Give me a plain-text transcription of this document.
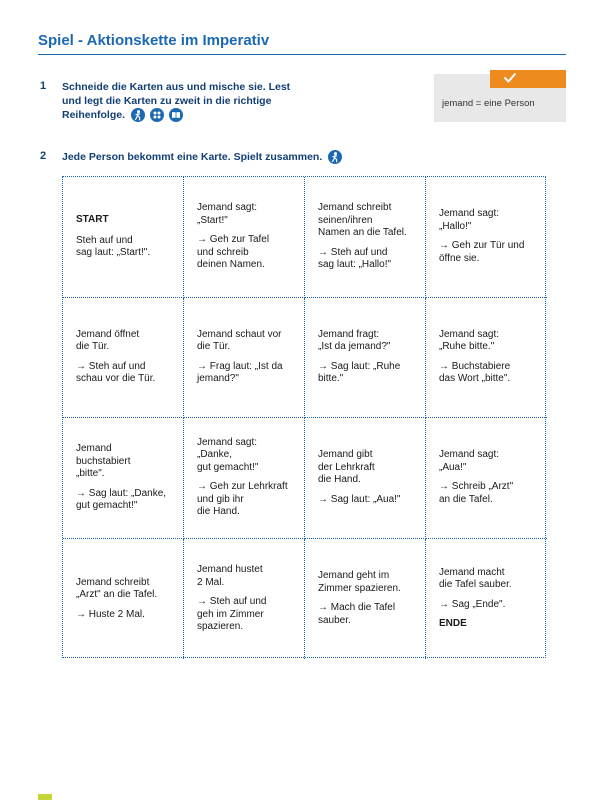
Spiel - Aktionskette im Imperativ
1 Schneide die Karten aus und mische sie. Lest und legt die Karten zu zweit in die richtige Reihenfolge.

jemand = eine Person
2 Jede Person bekommt eine Karte. Spielt zusammen.
START
Steh auf und
sag laut: „Start!".
Jemand sagt:
„Start!"
→ Geh zur Tafel
und schreib
deinen Namen.
Jemand schreibt
seinen/ihren
Namen an die Tafel.
→ Steh auf und
sag laut: „Hallo!"
Jemand sagt:
„Hallo!"
→ Geh zur Tür und
öffne sie.
Jemand öffnet
die Tür.
→ Steh auf und
schau vor die Tür.
Jemand schaut vor
die Tür.
→ Frag laut: „Ist da
jemand?"
Jemand fragt:
„Ist da jemand?"
→ Sag laut: „Ruhe
bitte."
Jemand sagt:
„Ruhe bitte."
→ Buchstabiere
das Wort „bitte".
Jemand
buchstabiert
„bitte".
→ Sag laut: „Danke,
gut gemacht!"
Jemand sagt:
„Danke,
gut gemacht!"
→ Geh zur Lehrkraft
und gib ihr
die Hand.
Jemand gibt
der Lehrkraft
die Hand.
→ Sag laut: „Aua!"
Jemand sagt:
„Aua!"
→ Schreib „Arzt"
an die Tafel.
Jemand schreibt
„Arzt" an die Tafel.
→ Huste 2 Mal.
Jemand hustet
2 Mal.
→ Steh auf und
geh im Zimmer
spazieren.
Jemand geht im
Zimmer spazieren.
→ Mach die Tafel
sauber.
Jemand macht
die Tafel sauber.
→ Sag „Ende".
ENDE
